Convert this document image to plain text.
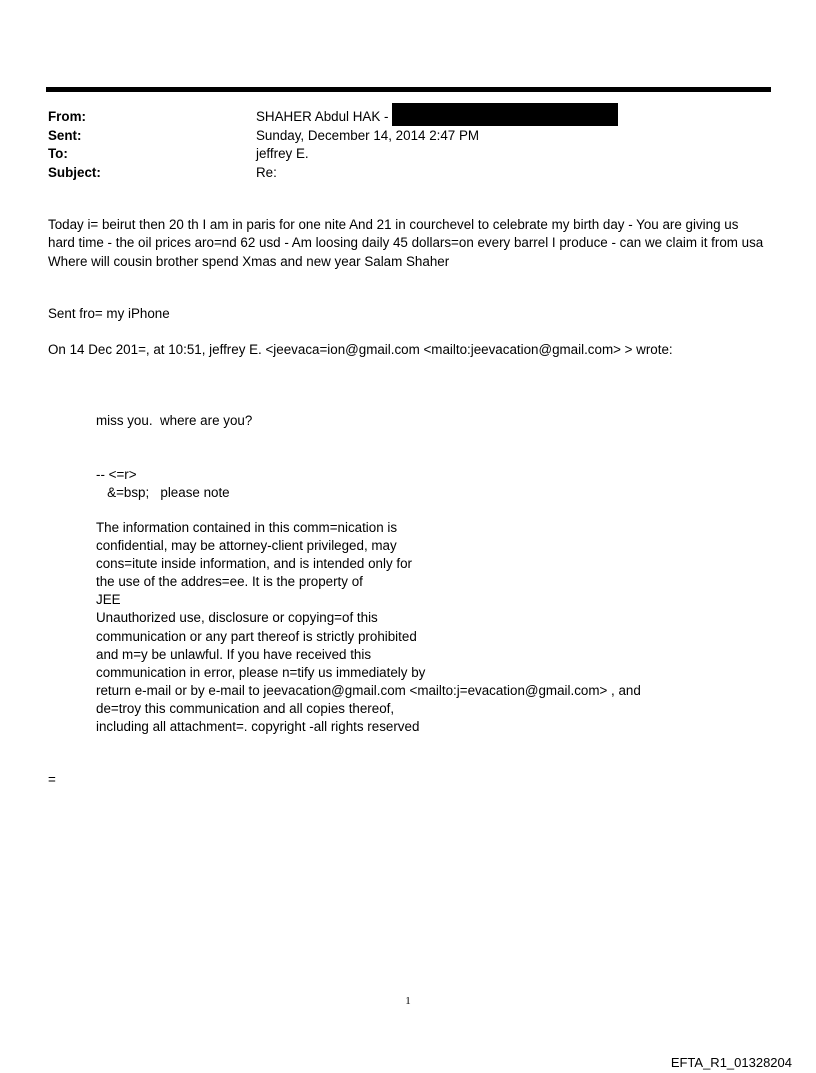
From:	SHAHER Abdul HAK -
Sent:	Sunday, December 14, 2014 2:47 PM
To:	jeffrey E.
Subject:	Re:
Today i= beirut then 20 th I am in paris for one nite And 21 in courchevel to celebrate my birth day - You are giving us
hard time - the oil prices aro=nd 62 usd - Am loosing daily 45 dollars=on every barrel I produce - can we claim it from usa
Where will cousin brother spend Xmas and new year Salam Shaher
Sent fro= my iPhone
On 14 Dec 201=, at 10:51, jeffrey E. <jeevaca=ion@gmail.com <mailto:jeevacation@gmail.com> > wrote:
miss you.  where are you?
-- <=r>
&=bsp;   please note
The information contained in this comm=nication is
confidential, may be attorney-client privileged, may
cons=itute inside information, and is intended only for
the use of the addres=ee. It is the property of
JEE
Unauthorized use, disclosure or copying=of this
communication or any part thereof is strictly prohibited
and m=y be unlawful. If you have received this
communication in error, please n=tify us immediately by
return e-mail or by e-mail to jeevacation@gmail.com <mailto:j=evacation@gmail.com> , and
de=troy this communication and all copies thereof,
including all attachment=. copyright -all rights reserved
=
1
EFTA_R1_01328204
